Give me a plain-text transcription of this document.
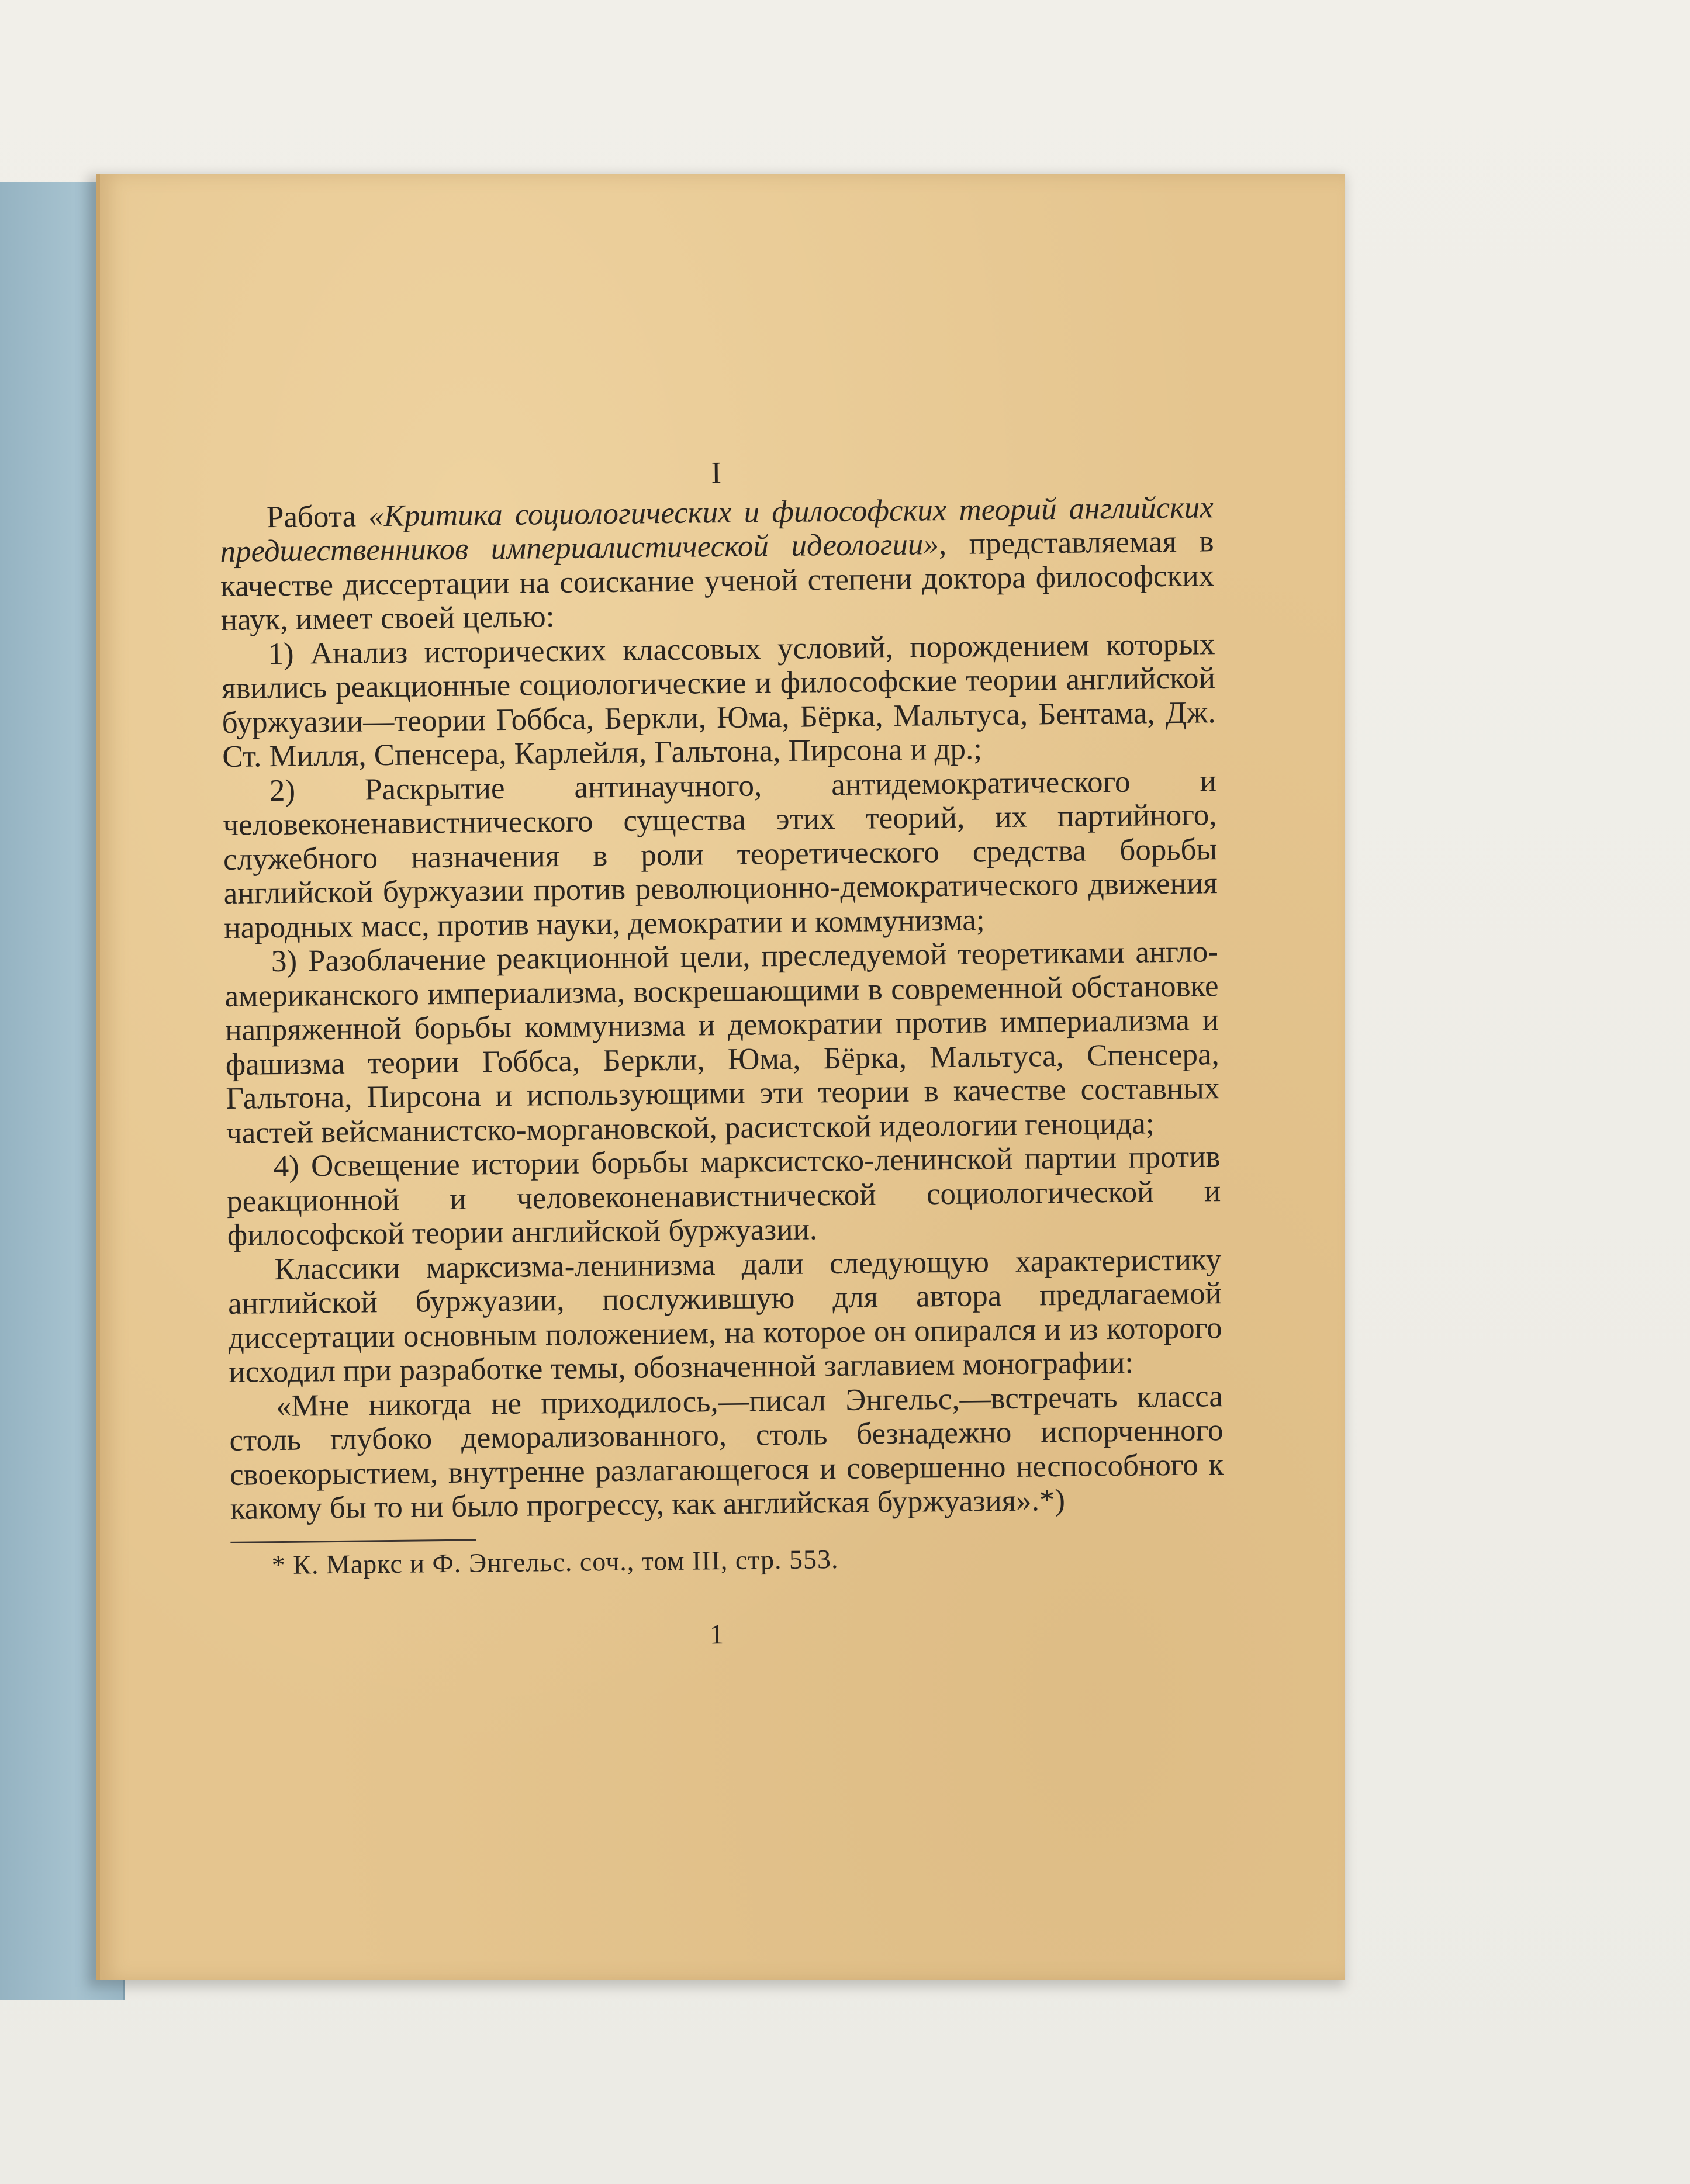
I

Работа «Критика социологических и философских теорий английских предшественников империалистической идеологии», представляемая в качестве диссертации на соискание ученой степени доктора философских наук, имеет своей целью:

1) Анализ исторических классовых условий, порождением которых явились реакционные социологические и философские теории английской буржуазии—теории Гоббса, Беркли, Юма, Бёрка, Мальтуса, Бентама, Дж. Ст. Милля, Спенсера, Карлейля, Гальтона, Пирсона и др.;

2) Раскрытие антинаучного, антидемократического и человеконенавистнического существа этих теорий, их партийного, служебного назначения в роли теоретического средства борьбы английской буржуазии против революционно-демократического движения народных масс, против науки, демократии и коммунизма;

3) Разоблачение реакционной цели, преследуемой теоретиками англо-американского империализма, воскрешающими в современной обстановке напряженной борьбы коммунизма и демократии против империализма и фашизма теории Гоббса, Беркли, Юма, Бёрка, Мальтуса, Спенсера, Гальтона, Пирсона и использующими эти теории в качестве составных частей вейсманистско-моргановской, расистской идеологии геноцида;

4) Освещение истории борьбы марксистско-ленинской партии против реакционной и человеконенавистнической социологической и философской теории английской буржуазии.

Классики марксизма-ленинизма дали следующую характеристику английской буржуазии, послужившую для автора предлагаемой диссертации основным положением, на которое он опирался и из которого исходил при разработке темы, обозначенной заглавием монографии:

«Мне никогда не приходилось,—писал Энгельс,—встречать класса столь глубоко деморализованного, столь безнадежно испорченного своекорыстием, внутренне разлагающегося и совершенно неспособного к какому бы то ни было прогрессу, как английская буржуазия».*)

* К. Маркс и Ф. Энгельс. соч., том III, стр. 553.

1
